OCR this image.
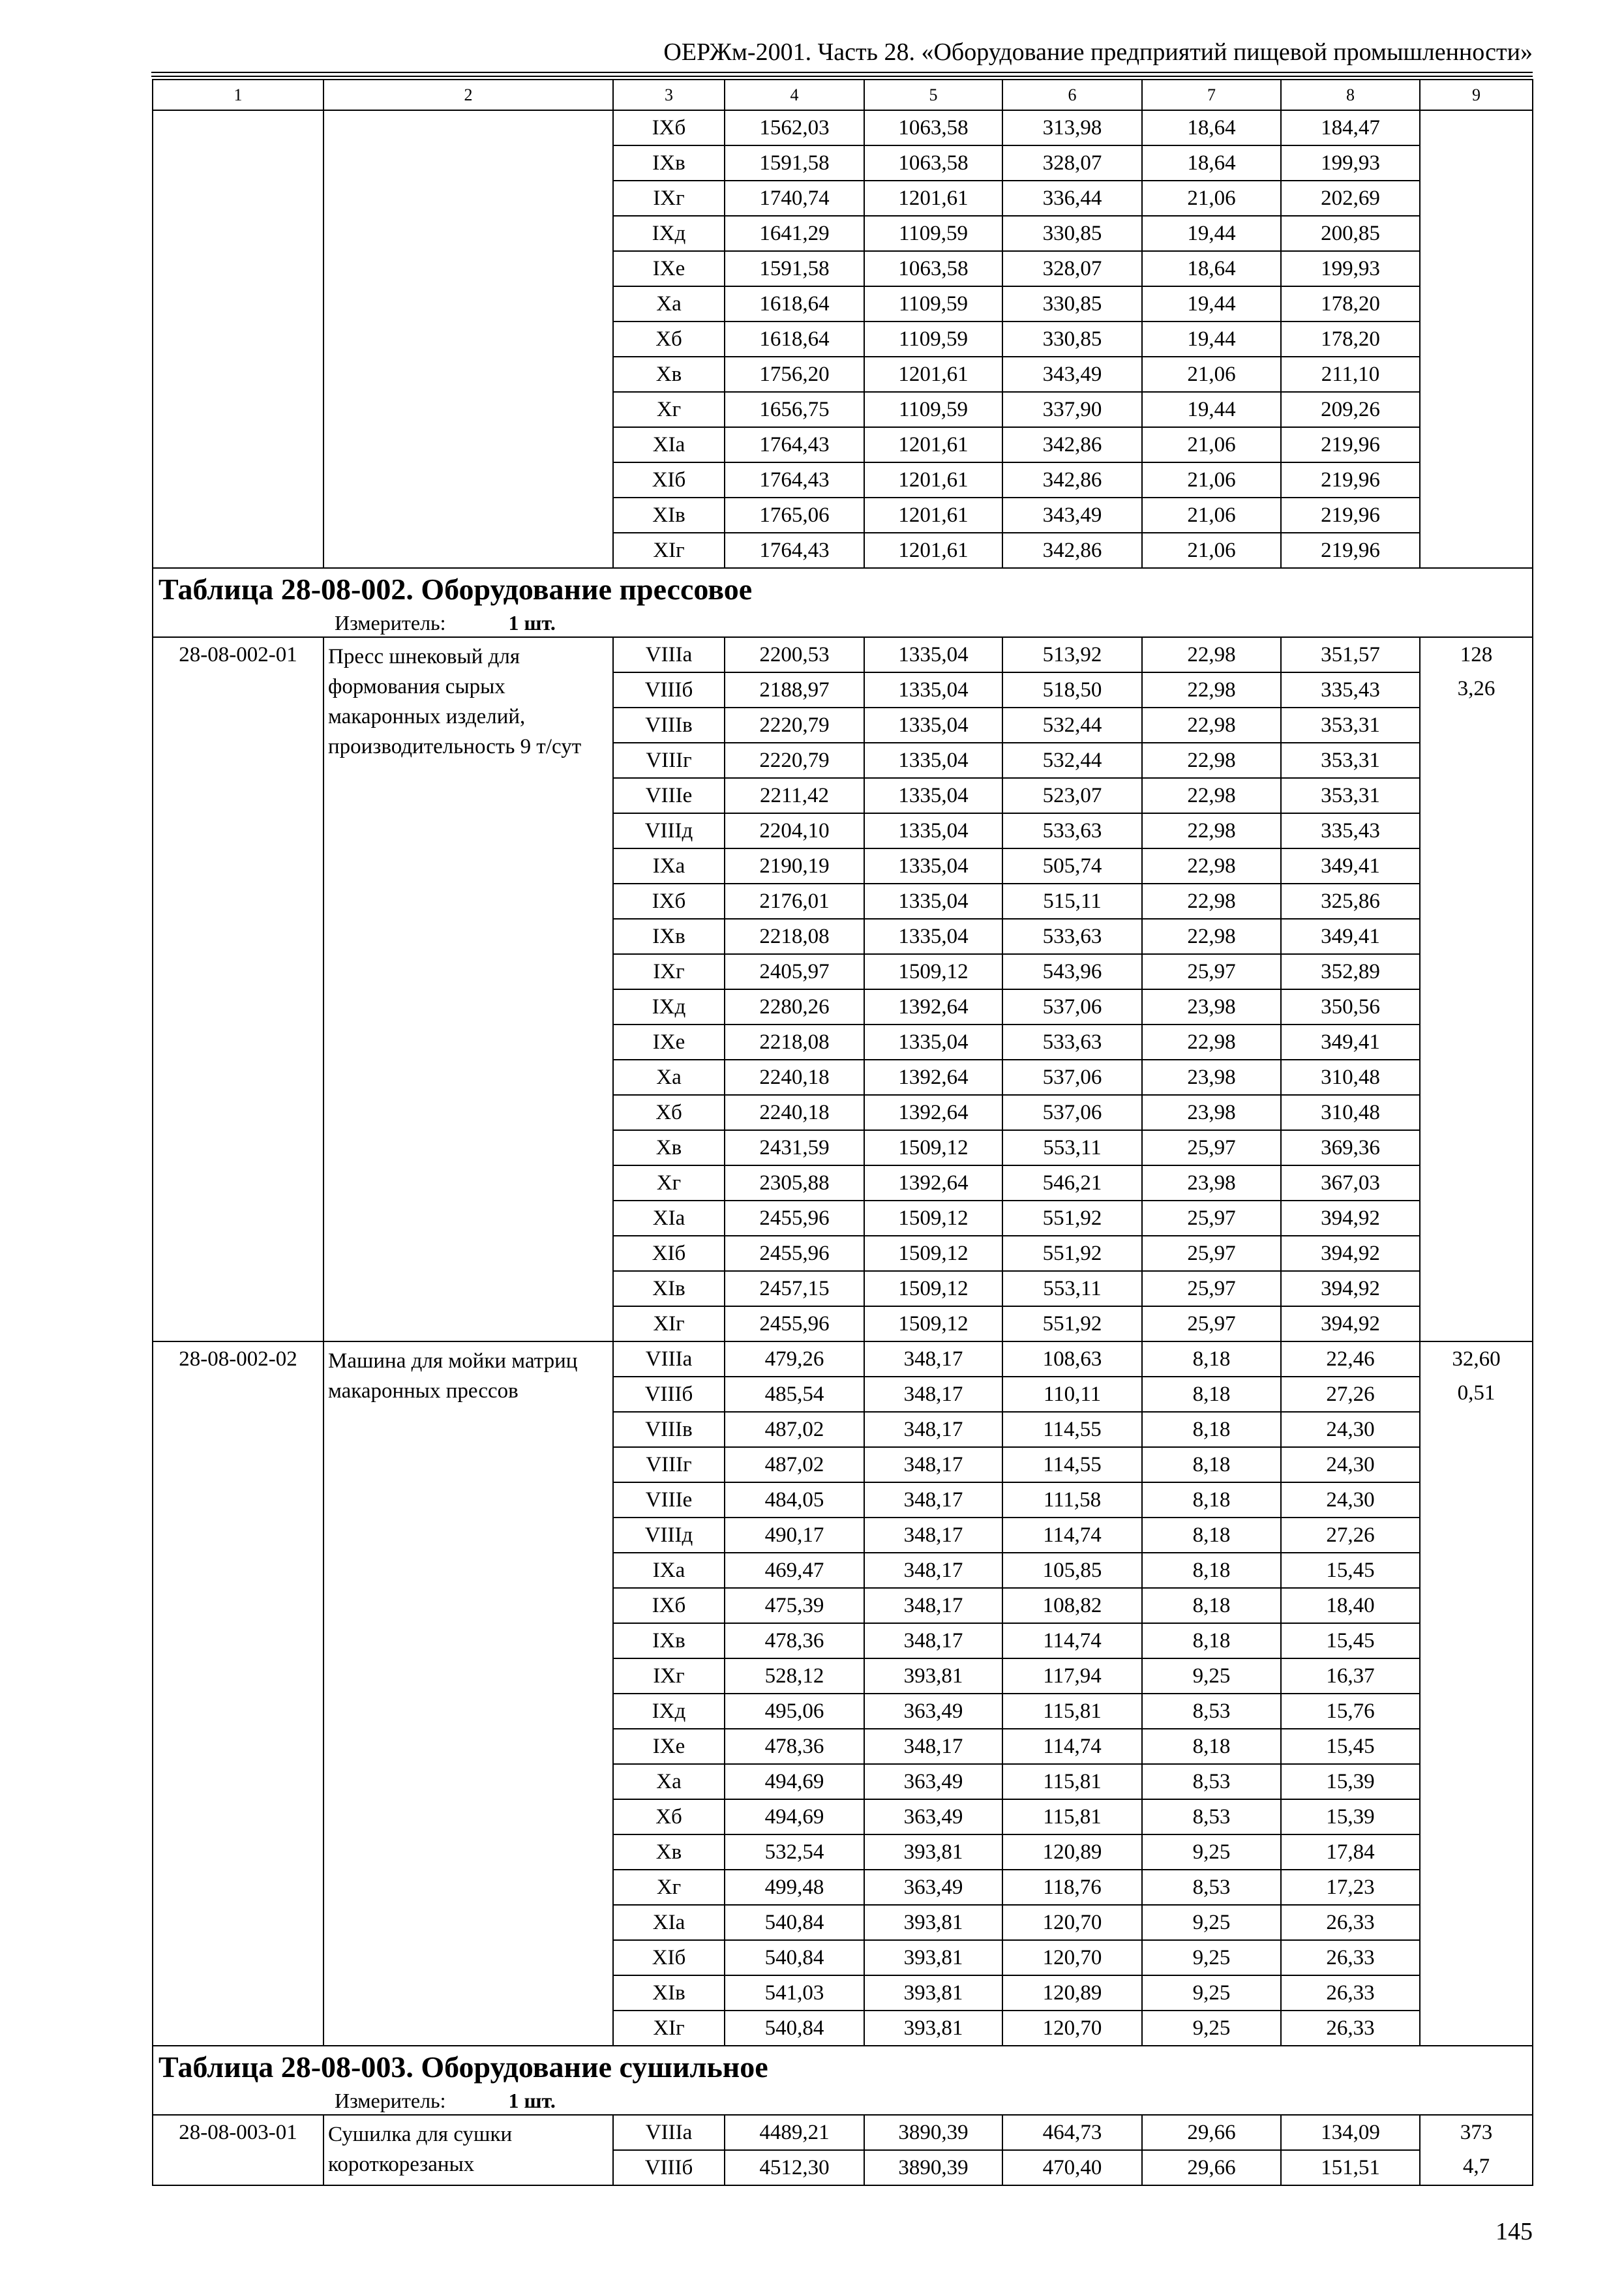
ОЕРЖм-2001. Часть 28. «Оборудование предприятий пищевой промышленности»
1	2	3	4	5	6	7	8	9
		IXб	1562,03	1063,58	313,98	18,64	184,47	
		IXв	1591,58	1063,58	328,07	18,64	199,93	
		IXг	1740,74	1201,61	336,44	21,06	202,69	
		IXд	1641,29	1109,59	330,85	19,44	200,85	
		IXе	1591,58	1063,58	328,07	18,64	199,93	
		Xа	1618,64	1109,59	330,85	19,44	178,20	
		Xб	1618,64	1109,59	330,85	19,44	178,20	
		Xв	1756,20	1201,61	343,49	21,06	211,10	
		Xг	1656,75	1109,59	337,90	19,44	209,26	
		XIа	1764,43	1201,61	342,86	21,06	219,96	
		XIб	1764,43	1201,61	342,86	21,06	219,96	
		XIв	1765,06	1201,61	343,49	21,06	219,96	
		XIг	1764,43	1201,61	342,86	21,06	219,96	

Таблица 28-08-002. Оборудование прессовое
Измеритель: 1 шт.								

28-08-002-01	Пресс шнековый для формования сырых макаронных изделий, производительность 9 т/сут	VIIIа	2200,53	1335,04	513,92	22,98	351,57	128
3,26

		VIIIб	2188,97	1335,04	518,50	22,98	335,43	
		VIIIв	2220,79	1335,04	532,44	22,98	353,31	
		VIIIг	2220,79	1335,04	532,44	22,98	353,31	
		VIIIе	2211,42	1335,04	523,07	22,98	353,31	
		VIIIд	2204,10	1335,04	533,63	22,98	335,43	
		IXа	2190,19	1335,04	505,74	22,98	349,41	
		IXб	2176,01	1335,04	515,11	22,98	325,86	
		IXв	2218,08	1335,04	533,63	22,98	349,41	
		IXг	2405,97	1509,12	543,96	25,97	352,89	
		IXд	2280,26	1392,64	537,06	23,98	350,56	
		IXе	2218,08	1335,04	533,63	22,98	349,41	
		Xа	2240,18	1392,64	537,06	23,98	310,48	
		Xб	2240,18	1392,64	537,06	23,98	310,48	
		Xв	2431,59	1509,12	553,11	25,97	369,36	
		Xг	2305,88	1392,64	546,21	23,98	367,03	
		XIа	2455,96	1509,12	551,92	25,97	394,92	
		XIб	2455,96	1509,12	551,92	25,97	394,92	
		XIв	2457,15	1509,12	553,11	25,97	394,92	
		XIг	2455,96	1509,12	551,92	25,97	394,92	
28-08-002-02	Машина для мойки матриц макаронных прессов	VIIIа	479,26	348,17	108,63	8,18	22,46	32,60
0,51

		VIIIб	485,54	348,17	110,11	8,18	27,26	
		VIIIв	487,02	348,17	114,55	8,18	24,30	
		VIIIг	487,02	348,17	114,55	8,18	24,30	
		VIIIе	484,05	348,17	111,58	8,18	24,30	
		VIIIд	490,17	348,17	114,74	8,18	27,26	
		IXа	469,47	348,17	105,85	8,18	15,45	
		IXб	475,39	348,17	108,82	8,18	18,40	
		IXв	478,36	348,17	114,74	8,18	15,45	
		IXг	528,12	393,81	117,94	9,25	16,37	
		IXд	495,06	363,49	115,81	8,53	15,76	
		IXе	478,36	348,17	114,74	8,18	15,45	
		Xа	494,69	363,49	115,81	8,53	15,39	
		Xб	494,69	363,49	115,81	8,53	15,39	
		Xв	532,54	393,81	120,89	9,25	17,84	
		Xг	499,48	363,49	118,76	8,53	17,23	
		XIа	540,84	393,81	120,70	9,25	26,33	
		XIб	540,84	393,81	120,70	9,25	26,33	
		XIв	541,03	393,81	120,89	9,25	26,33	
		XIг	540,84	393,81	120,70	9,25	26,33	

Таблица 28-08-003. Оборудование сушильное
Измеритель: 1 шт.								

28-08-003-01	Сушилка для сушки короткорезаных	VIIIа	4489,21	3890,39	464,73	29,66	134,09	373
4,7

		VIIIб	4512,30	3890,39	470,40	29,66	151,51	
145
